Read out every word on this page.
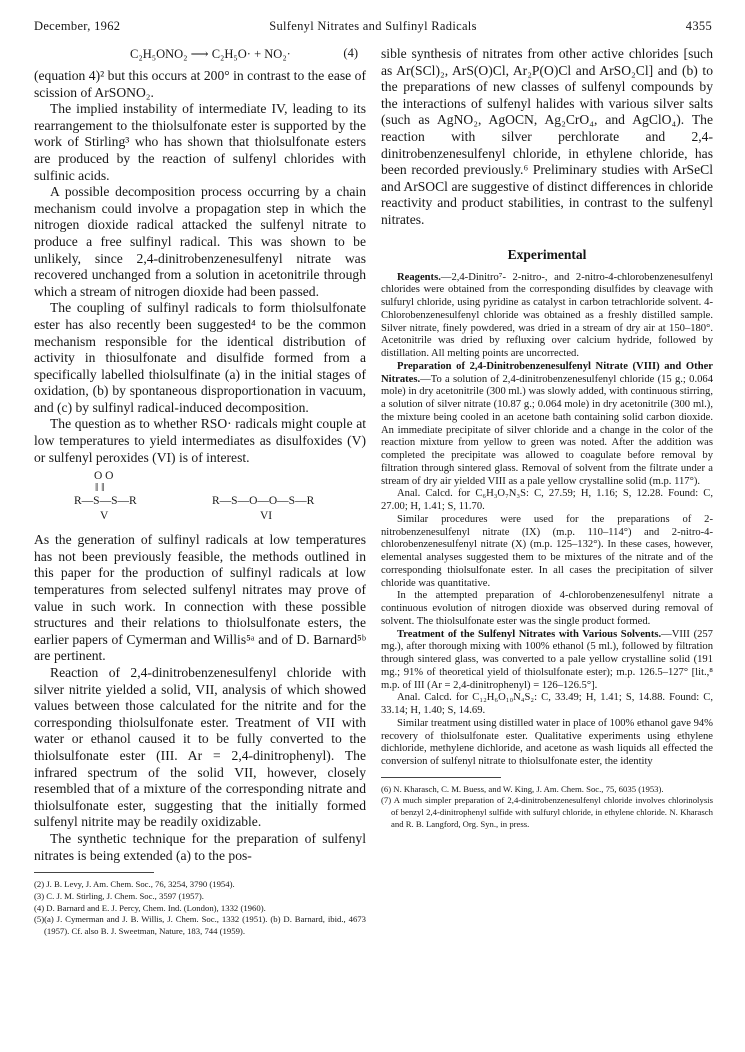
December, 1962	Sulfenyl Nitrates and Sulfinyl Radicals	4355
C₂H₅ONO₂ ⟶ C₂H₅O· + NO₂·	(4)

(equation 4)² but this occurs at 200° in contrast to the ease of scission of ArSONO₂.

The implied instability of intermediate IV, leading to its rearrangement to the thiolsulfonate ester is supported by the work of Stirling³ who has shown that thiolsulfonate esters are produced by the reaction of sulfenyl chlorides with sulfinic acids.

A possible decomposition process occurring by a chain mechanism could involve a propagation step in which the nitrogen dioxide radical attacked the sulfenyl nitrate to produce a free sulfinyl radical. This was shown to be unlikely, since 2,4-dinitrobenzenesulfenyl nitrate was recovered unchanged from a solution in acetonitrile through which a stream of nitrogen dioxide had been passed.

The coupling of sulfinyl radicals to form thiolsulfonate ester has also recently been suggested⁴ to be the common mechanism responsible for the identical distribution of activity in thiosulfonate and disulfide formed from a specifically labelled thiolsulfinate (a) in the initial stages of oxidation, (b) by spontaneous disproportionation in vacuum, and (c) by sulfinyl radical-induced decomposition.

The question as to whether RSO· radicals might couple at low temperatures to yield intermediates as disulfoxides (V) or sulfenyl peroxides (VI) is of interest.

O O
‖ ‖
R—S—S—R
V
R—S—O—O—S—R
VI

As the generation of sulfinyl radicals at low temperatures has not been previously feasible, the methods outlined in this paper for the production of sulfinyl radicals at low temperatures from selected sulfenyl nitrates may prove of value in such work. In connection with these possible structures and their relations to thiolsulfonate esters, the earlier papers of Cymerman and Willis⁵ᵃ and of D. Barnard⁵ᵇ are pertinent.

Reaction of 2,4-dinitrobenzenesulfenyl chloride with silver nitrite yielded a solid, VII, analysis of which showed values between those calculated for the nitrite and for the corresponding thiolsulfonate ester. Treatment of VII with water or ethanol caused it to be fully converted to the thiolsulfonate ester (III. Ar = 2,4-dinitrophenyl). The infrared spectrum of the solid VII, however, closely resembled that of a mixture of the corresponding nitrate and thiolsulfonate ester, suggesting that the initially formed sulfenyl nitrite may be readily oxidizable.

The synthetic technique for the preparation of sulfenyl nitrates is being extended (a) to the pos-

(2) J. B. Levy, J. Am. Chem. Soc., 76, 3254, 3790 (1954).

(3) C. J. M. Stirling, J. Chem. Soc., 3597 (1957).

(4) D. Barnard and E. J. Percy, Chem. Ind. (London), 1332 (1960).

(5)(a) J. Cymerman and J. B. Willis, J. Chem. Soc., 1332 (1951). (b) D. Barnard, ibid., 4673 (1957). Cf. also B. J. Sweetman, Nature, 183, 744 (1959).

sible synthesis of nitrates from other active chlorides [such as Ar(SCl)₂, ArS(O)Cl, Ar₂P(O)Cl and ArSO₂Cl] and (b) to the preparations of new classes of sulfenyl compounds by the interactions of sulfenyl halides with various silver salts (such as AgNO₂, AgOCN, Ag₂CrO₄, and AgClO₄). The reaction with silver perchlorate and 2,4-dinitrobenzenesulfenyl chloride, in ethylene chloride, has been recorded previously.⁶ Preliminary studies with ArSeCl and ArSOCl are suggestive of distinct differences in chloride reactivity and product stabilities, in contrast to the sulfenyl nitrates.

Experimental

Reagents.—2,4-Dinitro⁷- 2-nitro-, and 2-nitro-4-chlorobenzenesulfenyl chlorides were obtained from the corresponding disulfides by cleavage with sulfuryl chloride, using pyridine as catalyst in carbon tetrachloride solvent. 4-Chlorobenzenesulfenyl chloride was obtained as a freshly distilled sample. Silver nitrate, finely powdered, was dried in a stream of dry air at 150–180°. Acetonitrile was dried by refluxing over calcium hydride, followed by distillation. All melting points are uncorrected.

Preparation of 2,4-Dinitrobenzenesulfenyl Nitrate (VIII) and Other Nitrates.—To a solution of 2,4-dinitrobenzenesulfenyl chloride (15 g.; 0.064 mole) in dry acetonitrile (300 ml.) was slowly added, with continuous stirring, a solution of silver nitrate (10.87 g.; 0.064 mole) in dry acetonitrile (300 ml.), the mixture being cooled in an acetone bath containing solid carbon dioxide. An immediate precipitate of silver chloride and a change in the color of the reaction mixture from yellow to green was noted. After the addition was completed the precipitate was allowed to coagulate before removal by filtration through sintered glass. Removal of solvent from the filtrate under a stream of dry air yielded VIII as a pale yellow crystalline solid (m.p. 117°).

Anal. Calcd. for C₆H₃O₇N₃S: C, 27.59; H, 1.16; S, 12.28. Found: C, 27.00; H, 1.41; S, 11.70.

Similar procedures were used for the preparations of 2-nitrobenzenesulfenyl nitrate (IX) (m.p. 110–114°) and 2-nitro-4-chlorobenzenesulfenyl nitrate (X) (m.p. 125–132°). In these cases, however, elemental analyses suggested them to be mixtures of the nitrate and of the corresponding thiolsulfonate ester. In all cases the precipitation of silver chloride was quantitative.

In the attempted preparation of 4-chlorobenzenesulfenyl nitrate a continuous evolution of nitrogen dioxide was observed during removal of solvent. The thiolsulfonate ester was the single product formed.

Treatment of the Sulfenyl Nitrates with Various Solvents.—VIII (257 mg.), after thorough mixing with 100% ethanol (5 ml.), followed by filtration through sintered glass, was converted to a pale yellow crystalline solid (191 mg.; 91% of theoretical yield of thiolsulfonate ester); m.p. 126.5–127° [lit.,⁸ m.p. of III (Ar = 2,4-dinitrophenyl) = 126–126.5°].

Anal. Calcd. for C₁₂H₆O₁₀N₄S₂: C, 33.49; H, 1.41; S, 14.88. Found: C, 33.14; H, 1.40; S, 14.69.

Similar treatment using distilled water in place of 100% ethanol gave 94% recovery of thiolsulfonate ester. Qualitative experiments using ethylene dichloride, methylene dichloride, and acetone as wash liquids all effected the conversion of sulfenyl nitrate to thiolsulfonate ester, the identity

(6) N. Kharasch, C. M. Buess, and W. King, J. Am. Chem. Soc., 75, 6035 (1953).

(7) A much simpler preparation of 2,4-dinitrobenzenesulfenyl chloride involves chlorinolysis of benzyl 2,4-dinitrophenyl sulfide with sulfuryl chloride, in ethylene chloride. N. Kharasch and R. B. Langford, Org. Syn., in press.
